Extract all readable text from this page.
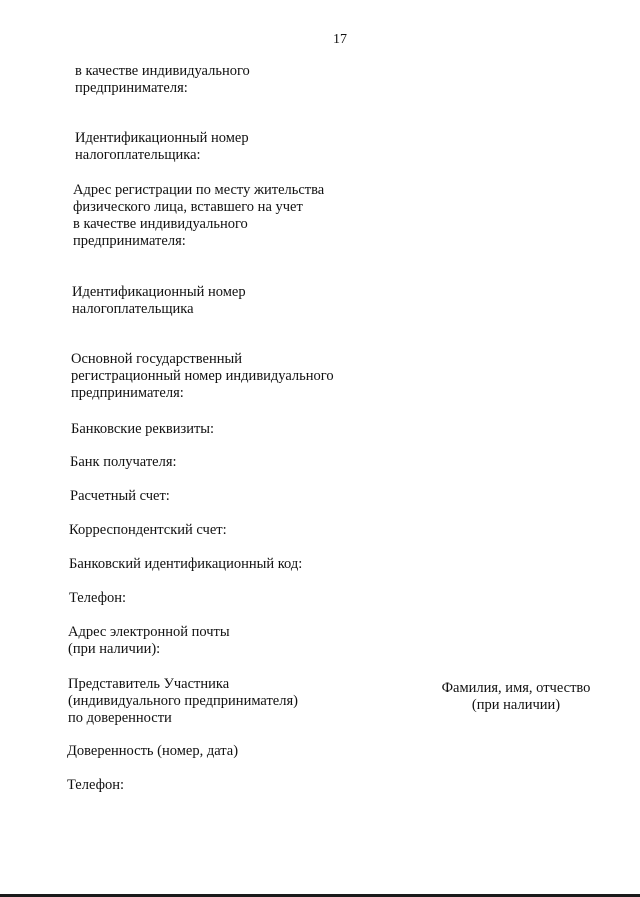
17
в качестве индивидуального
предпринимателя:
Идентификационный номер
налогоплательщика:
Адрес регистрации по месту жительства
физического лица, вставшего на учет
в качестве индивидуального
предпринимателя:
Идентификационный номер
налогоплательщика
Основной государственный
регистрационный номер индивидуального
предпринимателя:
Банковские реквизиты:
Банк получателя:
Расчетный счет:
Корреспондентский счет:
Банковский идентификационный код:
Телефон:
Адрес электронной почты
(при наличии):
Представитель Участника
(индивидуального предпринимателя)
по доверенности
Фамилия, имя, отчество
(при наличии)
Доверенность (номер, дата)
Телефон:
